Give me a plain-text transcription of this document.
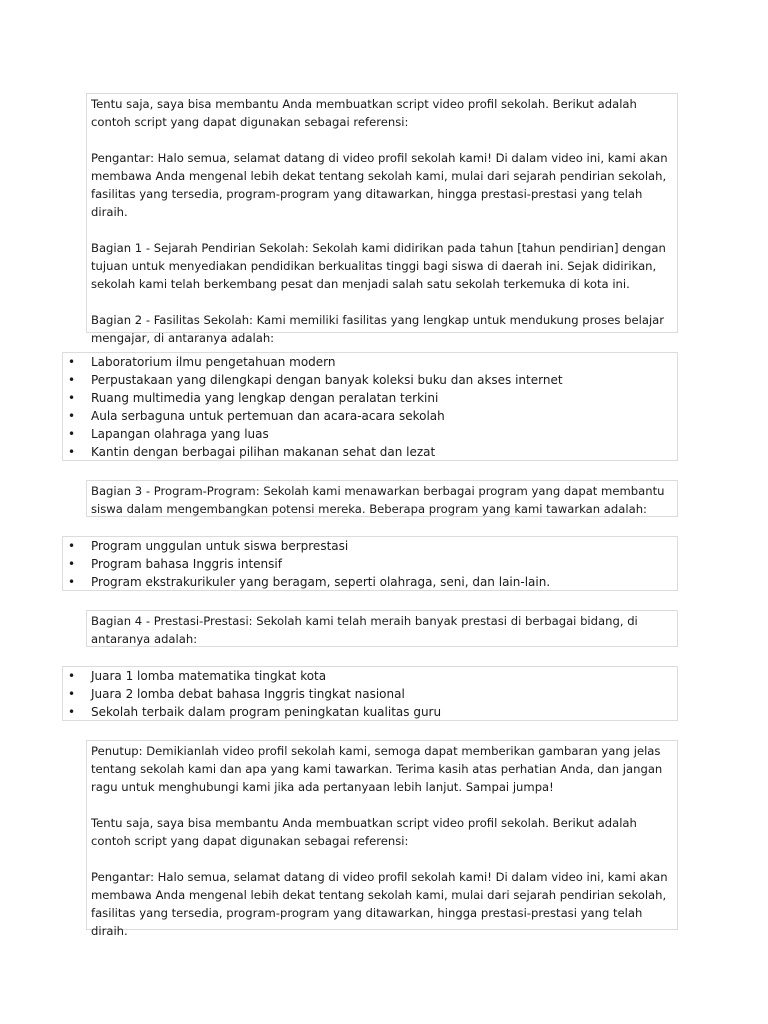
Tentu saja, saya bisa membantu Anda membuatkan script video profil sekolah. Berikut adalah contoh script yang dapat digunakan sebagai referensi:

Pengantar: Halo semua, selamat datang di video profil sekolah kami! Di dalam video ini, kami akan membawa Anda mengenal lebih dekat tentang sekolah kami, mulai dari sejarah pendirian sekolah, fasilitas yang tersedia, program-program yang ditawarkan, hingga prestasi-prestasi yang telah diraih.

Bagian 1 - Sejarah Pendirian Sekolah: Sekolah kami didirikan pada tahun [tahun pendirian] dengan tujuan untuk menyediakan pendidikan berkualitas tinggi bagi siswa di daerah ini. Sejak didirikan, sekolah kami telah berkembang pesat dan menjadi salah satu sekolah terkemuka di kota ini.

Bagian 2 - Fasilitas Sekolah: Kami memiliki fasilitas yang lengkap untuk mendukung proses belajar mengajar, di antaranya adalah:

• Laboratorium ilmu pengetahuan modern
• Perpustakaan yang dilengkapi dengan banyak koleksi buku dan akses internet
• Ruang multimedia yang lengkap dengan peralatan terkini
• Aula serbaguna untuk pertemuan dan acara-acara sekolah
• Lapangan olahraga yang luas
• Kantin dengan berbagai pilihan makanan sehat dan lezat

Bagian 3 - Program-Program: Sekolah kami menawarkan berbagai program yang dapat membantu siswa dalam mengembangkan potensi mereka. Beberapa program yang kami tawarkan adalah:

• Program unggulan untuk siswa berprestasi
• Program bahasa Inggris intensif
• Program ekstrakurikuler yang beragam, seperti olahraga, seni, dan lain-lain.

Bagian 4 - Prestasi-Prestasi: Sekolah kami telah meraih banyak prestasi di berbagai bidang, di antaranya adalah:

• Juara 1 lomba matematika tingkat kota
• Juara 2 lomba debat bahasa Inggris tingkat nasional
• Sekolah terbaik dalam program peningkatan kualitas guru

Penutup: Demikianlah video profil sekolah kami, semoga dapat memberikan gambaran yang jelas tentang sekolah kami dan apa yang kami tawarkan. Terima kasih atas perhatian Anda, dan jangan ragu untuk menghubungi kami jika ada pertanyaan lebih lanjut. Sampai jumpa!

Tentu saja, saya bisa membantu Anda membuatkan script video profil sekolah. Berikut adalah contoh script yang dapat digunakan sebagai referensi:

Pengantar: Halo semua, selamat datang di video profil sekolah kami! Di dalam video ini, kami akan membawa Anda mengenal lebih dekat tentang sekolah kami, mulai dari sejarah pendirian sekolah, fasilitas yang tersedia, program-program yang ditawarkan, hingga prestasi-prestasi yang telah diraih.
